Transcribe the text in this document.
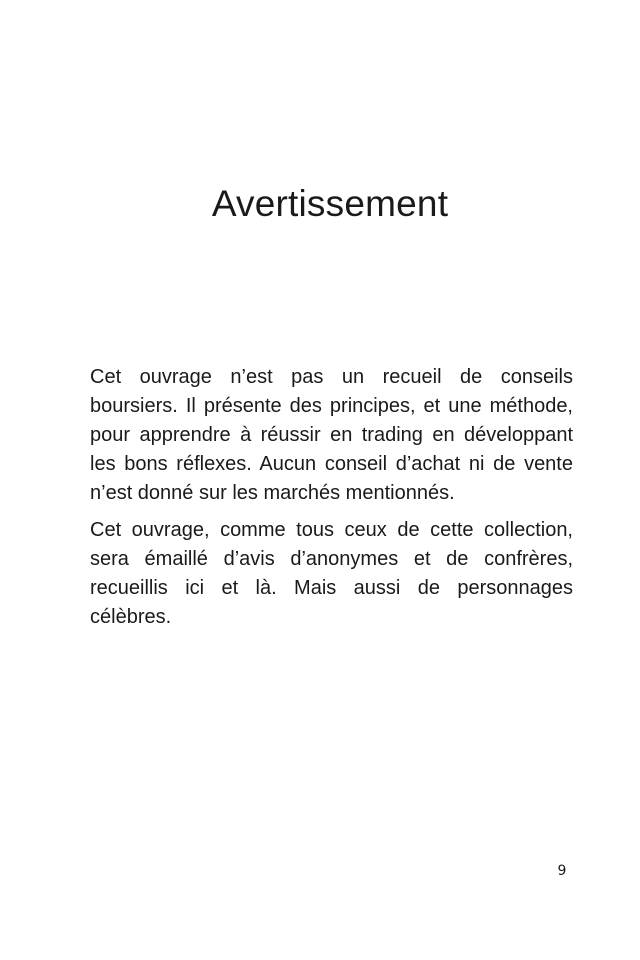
Avertissement

Cet ouvrage n’est pas un recueil de conseils boursiers. Il présente des principes, et une méthode, pour apprendre à réussir en trading en développant les bons réflexes. Aucun conseil d’achat ni de vente n’est donné sur les marchés mentionnés.

Cet ouvrage, comme tous ceux de cette collection, sera émaillé d’avis d’anonymes et de confrères, recueillis ici et là. Mais aussi de personnages célèbres.

9
